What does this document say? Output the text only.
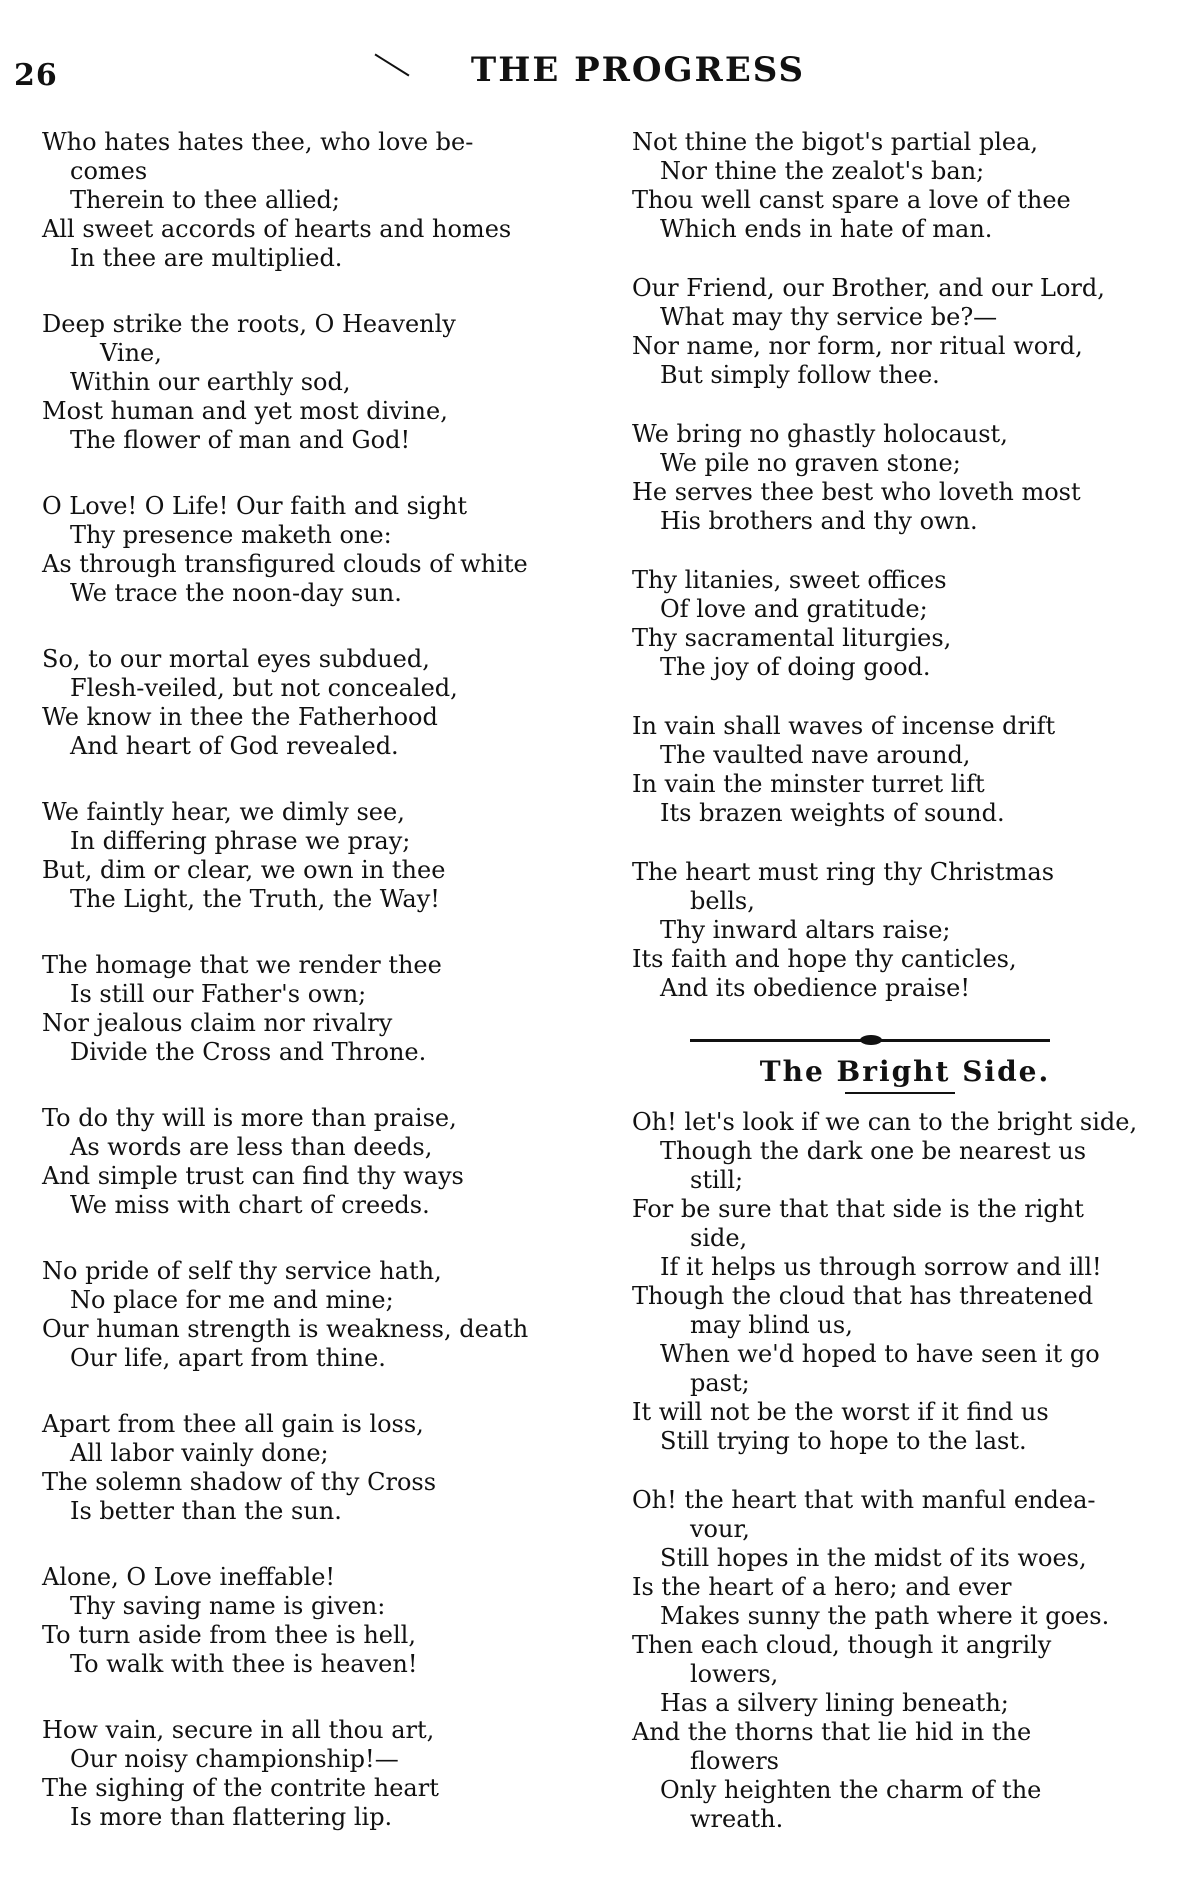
26	THE PROGRESS
Who hates hates thee, who love be-
comes
Therein to thee allied;
All sweet accords of hearts and homes
In thee are multiplied.
Deep strike the roots, O Heavenly
Vine,
Within our earthly sod,
Most human and yet most divine,
The flower of man and God!
O Love! O Life! Our faith and sight
Thy presence maketh one:
As through transfigured clouds of white
We trace the noon-day sun.
So, to our mortal eyes subdued,
Flesh-veiled, but not concealed,
We know in thee the Fatherhood
And heart of God revealed.
We faintly hear, we dimly see,
In differing phrase we pray;
But, dim or clear, we own in thee
The Light, the Truth, the Way!
The homage that we render thee
Is still our Father's own;
Nor jealous claim nor rivalry
Divide the Cross and Throne.
To do thy will is more than praise,
As words are less than deeds,
And simple trust can find thy ways
We miss with chart of creeds.
No pride of self thy service hath,
No place for me and mine;
Our human strength is weakness, death
Our life, apart from thine.
Apart from thee all gain is loss,
All labor vainly done;
The solemn shadow of thy Cross
Is better than the sun.
Alone, O Love ineffable!
Thy saving name is given:
To turn aside from thee is hell,
To walk with thee is heaven!
How vain, secure in all thou art,
Our noisy championship!—
The sighing of the contrite heart
Is more than flattering lip.
Not thine the bigot's partial plea,
Nor thine the zealot's ban;
Thou well canst spare a love of thee
Which ends in hate of man.
Our Friend, our Brother, and our Lord,
What may thy service be?—
Nor name, nor form, nor ritual word,
But simply follow thee.
We bring no ghastly holocaust,
We pile no graven stone;
He serves thee best who loveth most
His brothers and thy own.
Thy litanies, sweet offices
Of love and gratitude;
Thy sacramental liturgies,
The joy of doing good.
In vain shall waves of incense drift
The vaulted nave around,
In vain the minster turret lift
Its brazen weights of sound.
The heart must ring thy Christmas
bells,
Thy inward altars raise;
Its faith and hope thy canticles,
And its obedience praise!
The Bright Side.
Oh! let's look if we can to the bright side,
Though the dark one be nearest us
still;
For be sure that that side is the right
side,
If it helps us through sorrow and ill!
Though the cloud that has threatened
may blind us,
When we'd hoped to have seen it go
past;
It will not be the worst if it find us
Still trying to hope to the last.
Oh! the heart that with manful endea-
vour,
Still hopes in the midst of its woes,
Is the heart of a hero; and ever
Makes sunny the path where it goes.
Then each cloud, though it angrily
lowers,
Has a silvery lining beneath;
And the thorns that lie hid in the
flowers
Only heighten the charm of the
wreath.
